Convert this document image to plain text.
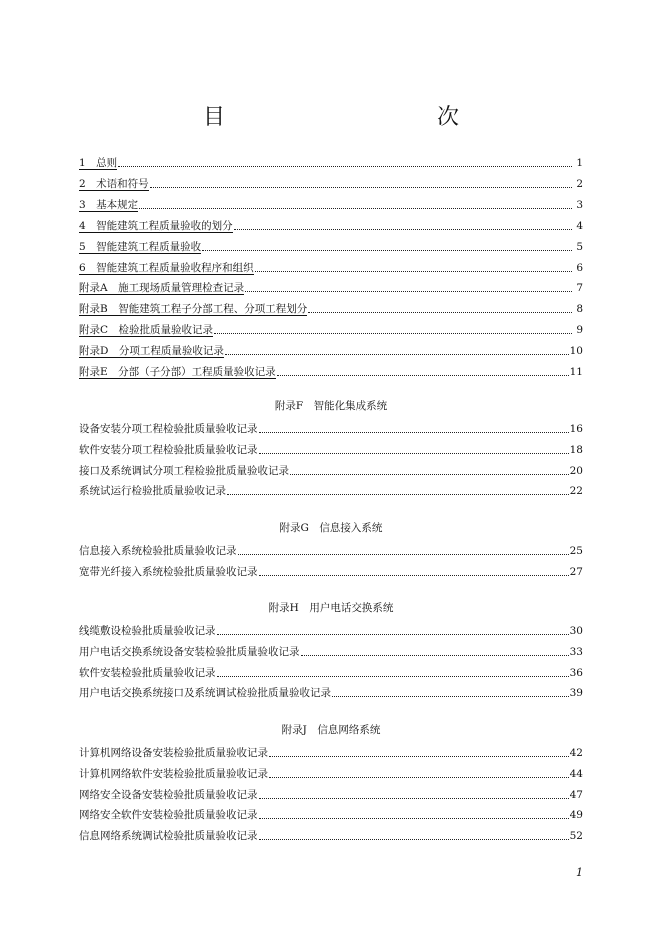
目　　次
1　总则	1
2　术语和符号	2
3　基本规定	3
4　智能建筑工程质量验收的划分	4
5　智能建筑工程质量验收	5
6　智能建筑工程质量验收程序和组织	6
附录A　施工现场质量管理检查记录	7
附录B　智能建筑工程子分部工程、分项工程划分	8
附录C　检验批质量验收记录	9
附录D　分项工程质量验收记录	10
附录E　分部（子分部）工程质量验收记录	11
附录F　智能化集成系统
设备安装分项工程检验批质量验收记录	16
软件安装分项工程检验批质量验收记录	18
接口及系统调试分项工程检验批质量验收记录	20
系统试运行检验批质量验收记录	22
附录G　信息接入系统
信息接入系统检验批质量验收记录	25
宽带光纤接入系统检验批质量验收记录	27
附录H　用户电话交换系统
线缆敷设检验批质量验收记录	30
用户电话交换系统设备安装检验批质量验收记录	33
软件安装检验批质量验收记录	36
用户电话交换系统接口及系统调试检验批质量验收记录	39
附录J　信息网络系统
计算机网络设备安装检验批质量验收记录	42
计算机网络软件安装检验批质量验收记录	44
网络安全设备安装检验批质量验收记录	47
网络安全软件安装检验批质量验收记录	49
信息网络系统调试检验批质量验收记录	52
1
